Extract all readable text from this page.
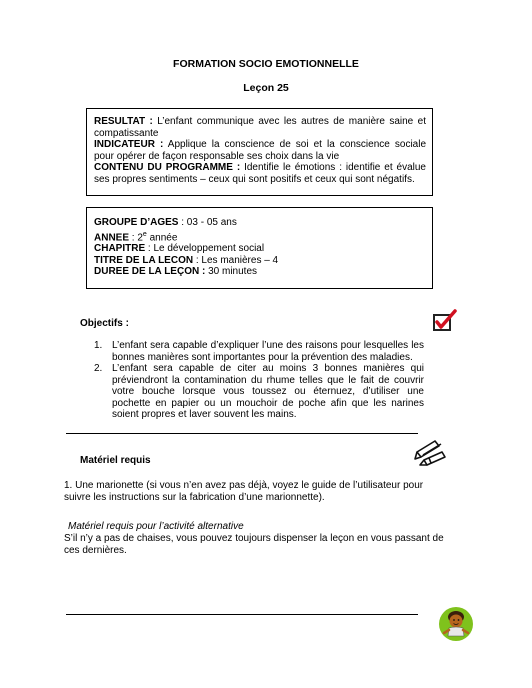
FORMATION SOCIO EMOTIONNELLE
Leçon 25
RESULTAT : L’enfant communique avec les autres de manière saine et compatissante
INDICATEUR : Applique la conscience de soi et la conscience sociale pour opérer de façon responsable ses choix dans la vie
CONTENU DU PROGRAMME : Identifie le émotions : identifie et évalue ses propres sentiments – ceux qui sont positifs et ceux qui sont négatifs.
GROUPE D’AGES : 03 - 05 ans
ANNEE : 2e année
CHAPITRE : Le développement social
TITRE DE LA LECON : Les manières – 4
DUREE DE LA LEÇON : 30 minutes
Objectifs :
1. L’enfant sera capable d’expliquer l’une des raisons pour lesquelles les bonnes manières sont importantes pour la prévention des maladies.
2. L’enfant sera capable de citer au moins 3 bonnes manières qui préviendront la contamination du rhume telles que le fait de couvrir votre bouche lorsque vous toussez ou éternuez, d’utiliser une pochette en papier ou un mouchoir de poche afin que les narines soient propres et laver souvent les mains.
Matériel requis
1. Une marionette (si vous n’en avez pas déjà, voyez le guide de l’utilisateur pour suivre les instructions sur la fabrication d’une marionnette).
Matériel requis pour l’activité alternative
S’il n’y a pas de chaises, vous pouvez toujours dispenser la leçon en vous passant de ces dernières.
